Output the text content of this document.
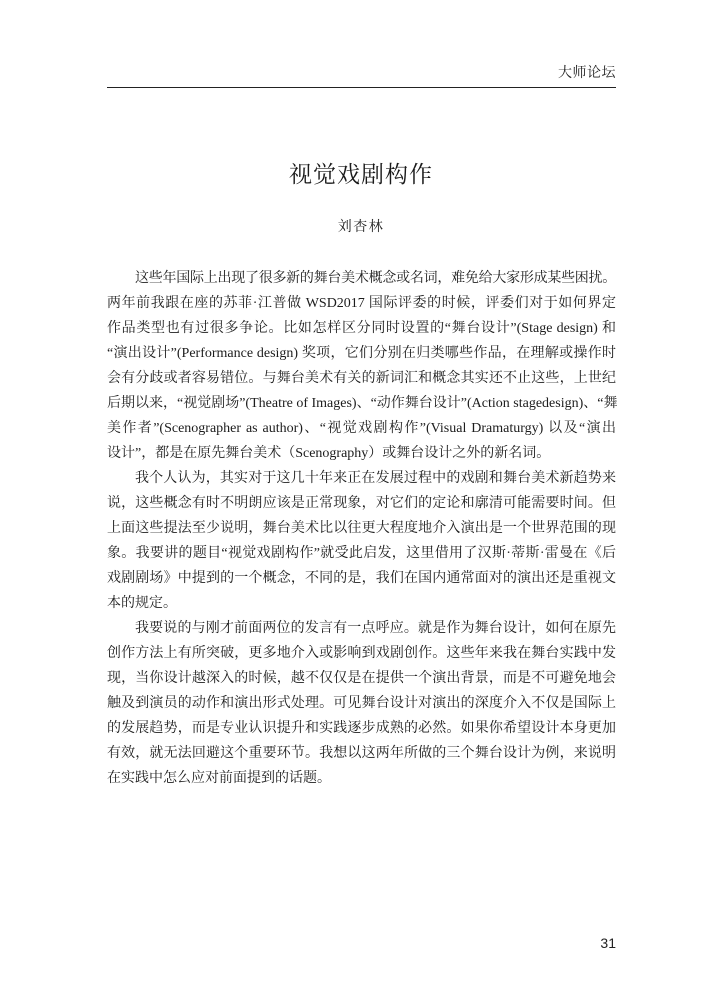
大师论坛
视觉戏剧构作
刘杏林
这些年国际上出现了很多新的舞台美术概念或名词，难免给大家形成某些困扰。
两年前我跟在座的苏菲·江普做 WSD2017 国际评委的时候，评委们对于如何界定
作品类型也有过很多争论。比如怎样区分同时设置的“舞台设计”(Stage design) 和
“演出设计”(Performance design) 奖项，它们分别在归类哪些作品，在理解或操作时
会有分歧或者容易错位。与舞台美术有关的新词汇和概念其实还不止这些，上世纪
后期以来，“视觉剧场”(Theatre of Images)、“动作舞台设计”(Action stagedesign)、“舞
美作者”(Scenographer as author)、“视觉戏剧构作”(Visual Dramaturgy) 以及“演出
设计”，都是在原先舞台美术（Scenography）或舞台设计之外的新名词。
我个人认为，其实对于这几十年来正在发展过程中的戏剧和舞台美术新趋势来
说，这些概念有时不明朗应该是正常现象，对它们的定论和廓清可能需要时间。但
上面这些提法至少说明，舞台美术比以往更大程度地介入演出是一个世界范围的现
象。我要讲的题目“视觉戏剧构作”就受此启发，这里借用了汉斯·蒂斯·雷曼在《后
戏剧剧场》中提到的一个概念，不同的是，我们在国内通常面对的演出还是重视文
本的规定。
我要说的与刚才前面两位的发言有一点呼应。就是作为舞台设计，如何在原先
创作方法上有所突破，更多地介入或影响到戏剧创作。这些年来我在舞台实践中发
现，当你设计越深入的时候，越不仅仅是在提供一个演出背景，而是不可避免地会
触及到演员的动作和演出形式处理。可见舞台设计对演出的深度介入不仅是国际上
的发展趋势，而是专业认识提升和实践逐步成熟的必然。如果你希望设计本身更加
有效，就无法回避这个重要环节。我想以这两年所做的三个舞台设计为例，来说明
在实践中怎么应对前面提到的话题。
31
